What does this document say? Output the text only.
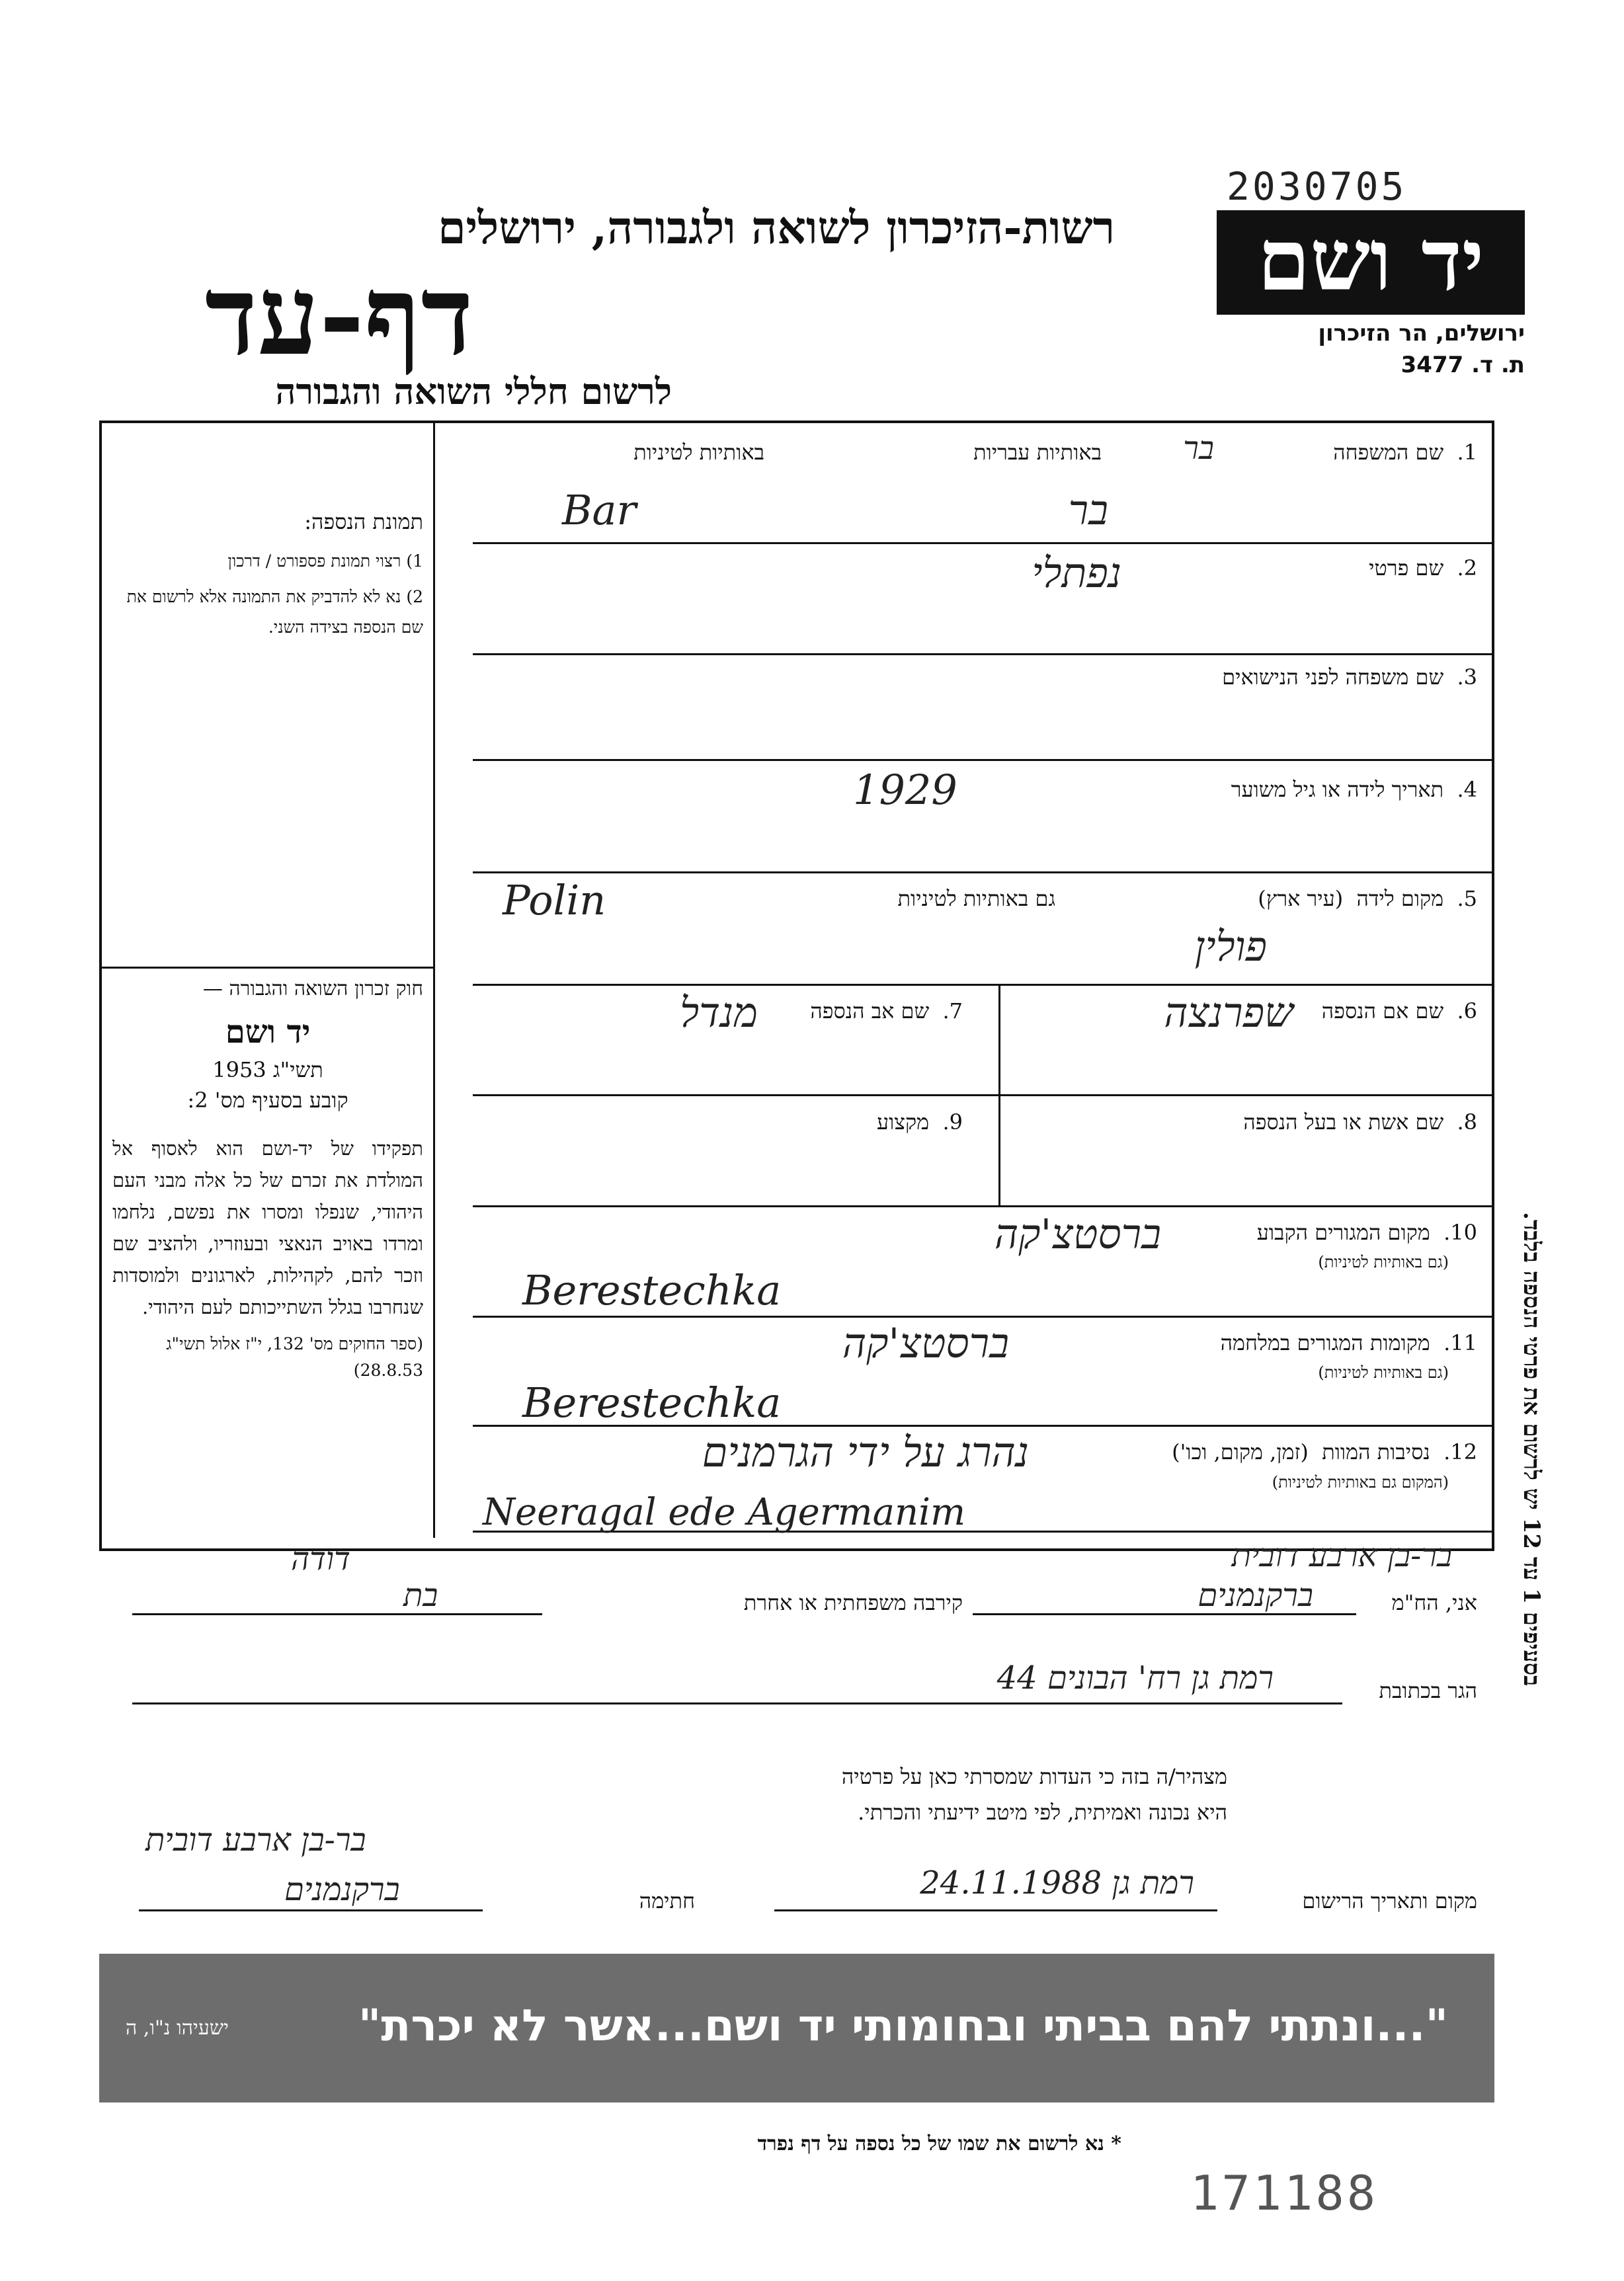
2030705
יד ושם
ירושלים, הר הזיכרון
ת. ד. 3477
רשות-הזיכרון לשואה ולגבורה, ירושלים
דף-עד
לרשום חללי השואה והגבורה
בסעיפים 1 עד 12 יש לרשום את פרטי הנספה בלבד.
תמונת הנספה:
1) רצוי תמונת פספורט / דרכון
2) נא לא להדביק את התמונה אלא לרשום את שם הנספה בצידה השני.
חוק זכרון השואה והגבורה —
יד ושם
תשי"ג 1953
קובע בסעיף מס' 2:
תפקידו של יד-ושם הוא לאסוף אל המולדת את זכרם של כל אלה מבני העם היהודי, שנפלו ומסרו את נפשם, נלחמו ומרדו באויב הנאצי ובעוזריו, ולהציב שם וזכר להם, לקהילות, לארגונים ולמוסדות שנחרבו בגלל השתייכותם לעם היהודי.
(ספר החוקים מס' 132, י"ז אלול תשי"ג 28.8.53)
1.  שם המשפחה
בר
באותיות עבריות
באותיות לטיניות
בר
Bar
2.  שם פרטי
נפתלי
3.  שם משפחה לפני הנישואים
4.  תאריך לידה או גיל משוער
1929
5.  מקום לידה  (עיר ארץ)
גם באותיות לטיניות
Polin
פולין
6.  שם אם הנספה
שפרנצה
7.  שם אב הנספה
מנדל
8.  שם אשת או בעל הנספה
9.  מקצוע
10.  מקום המגורים הקבוע
(גם באותיות לטיניות)
ברסטצ'קה
Berestechka
11.  מקומות המגורים במלחמה
(גם באותיות לטיניות)
ברסטצ'קה
Berestechka
12.  נסיבות המוות  (זמן, מקום, וכו')
(המקום גם באותיות לטיניות)
נהרג על ידי הגרמנים
Neeragal ede Agermanim
בר-בן ארבע דובית
דודה
אני, הח"מ
ברקנמנים
קירבה משפחתית או אחרת
בת
הגר בכתובת
רמת גן רח' הבונים 44
מצהיר/ה בזה כי העדות שמסרתי כאן על פרטיה
היא נכונה ואמיתית, לפי מיטב ידיעתי והכרתי.
מקום ותאריך הרישום
רמת גן 24.11.1988
חתימה
בר-בן ארבע דובית
ברקנמנים
"...ונתתי להם בביתי ובחומותי יד ושם...אשר לא יכרת"
ישעיהו נ"ו, ה
* נא לרשום את שמו של כל נספה על דף נפרד
171188
